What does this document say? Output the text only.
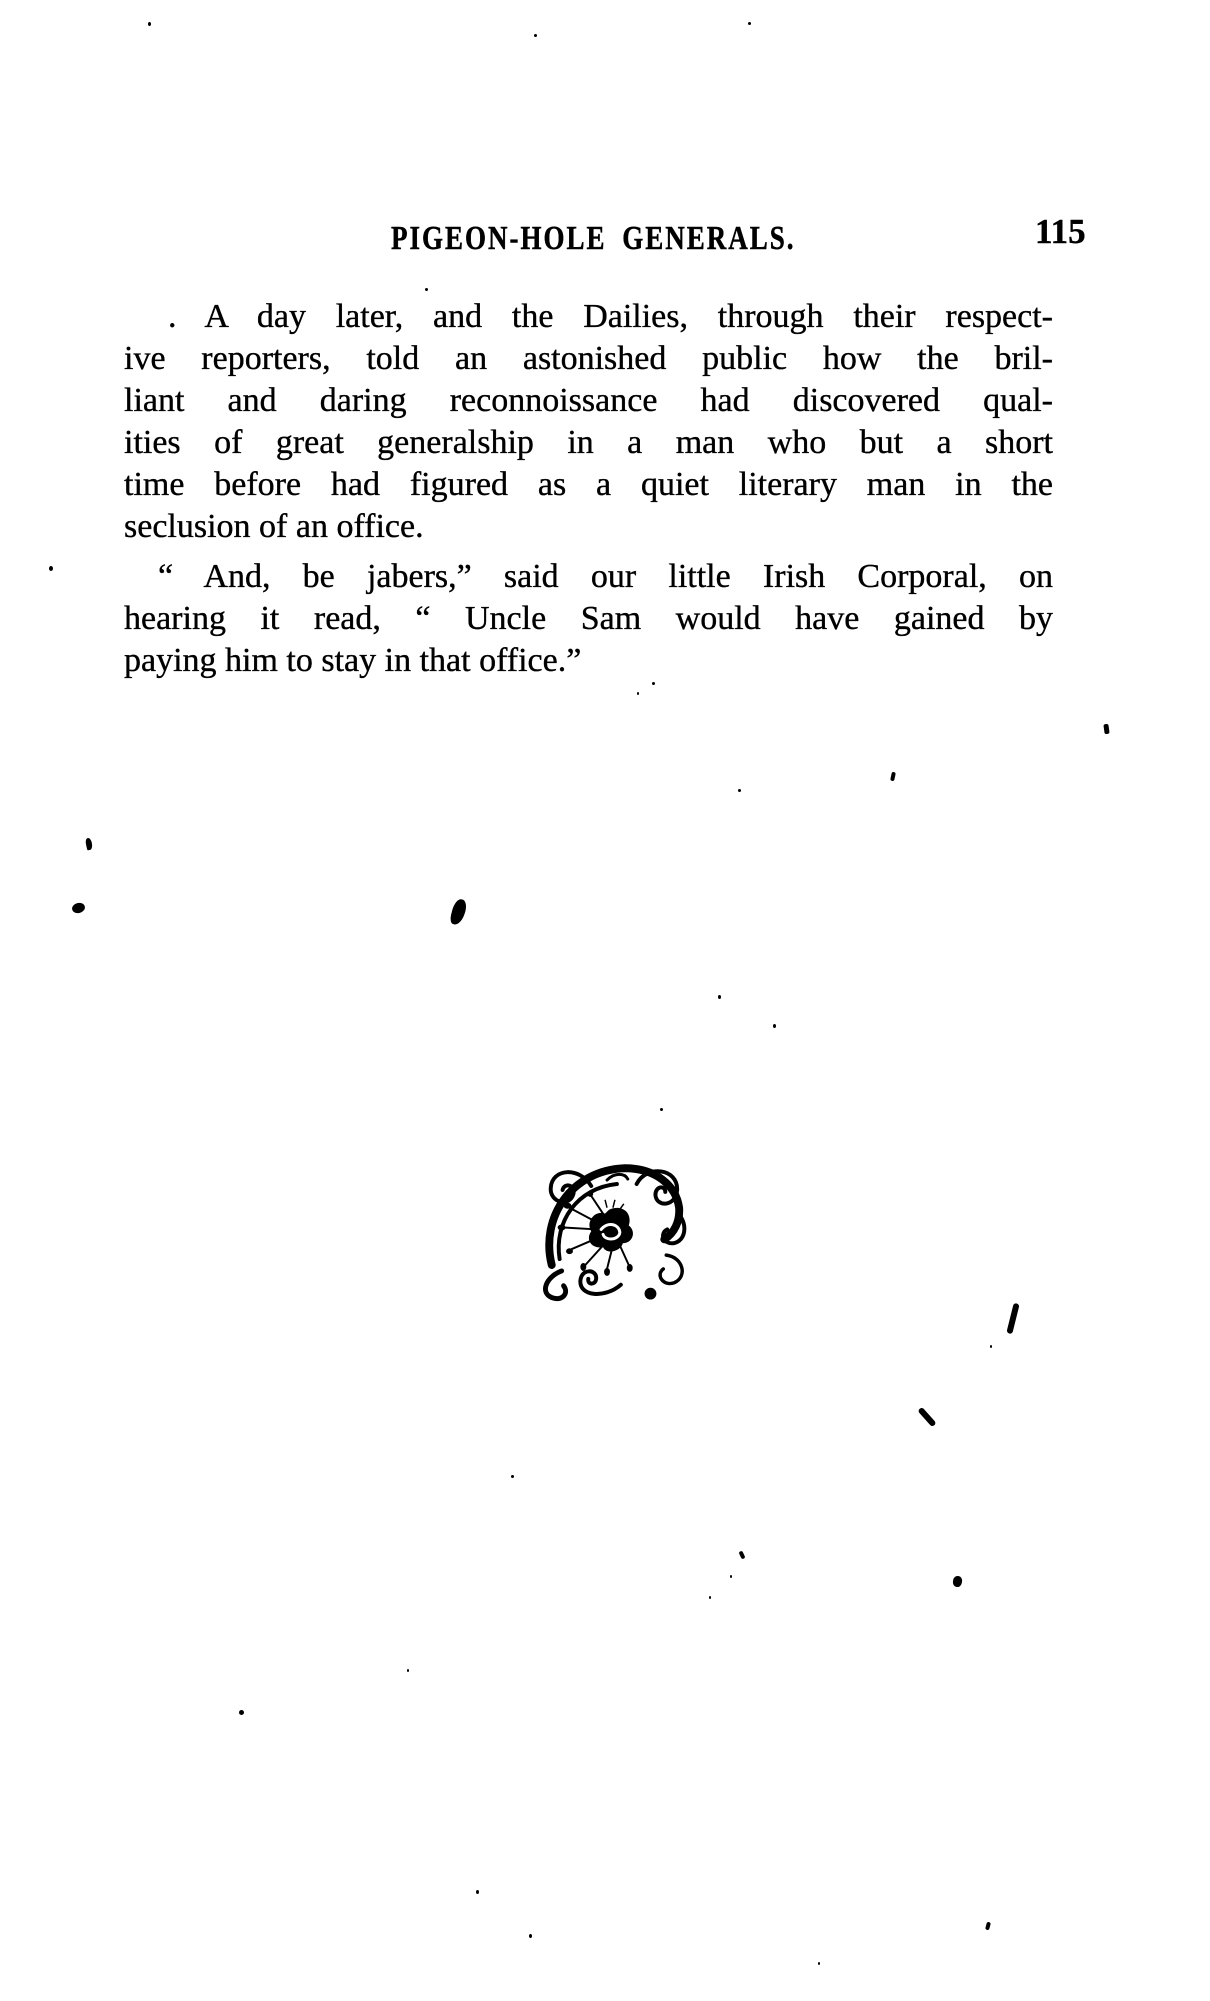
PIGEON-HOLE GENERALS.	115
. A day later, and the Dailies, through their respect-
ive reporters, told an astonished public how the bril-
liant and daring reconnoissance had discovered qual-
ities of great generalship in a man who but a short
time before had figured as a quiet literary man in the
seclusion of an office.
“ And, be jabers,” said our little Irish Corporal, on
hearing it read, “ Uncle Sam would have gained by
paying him to stay in that office.”
